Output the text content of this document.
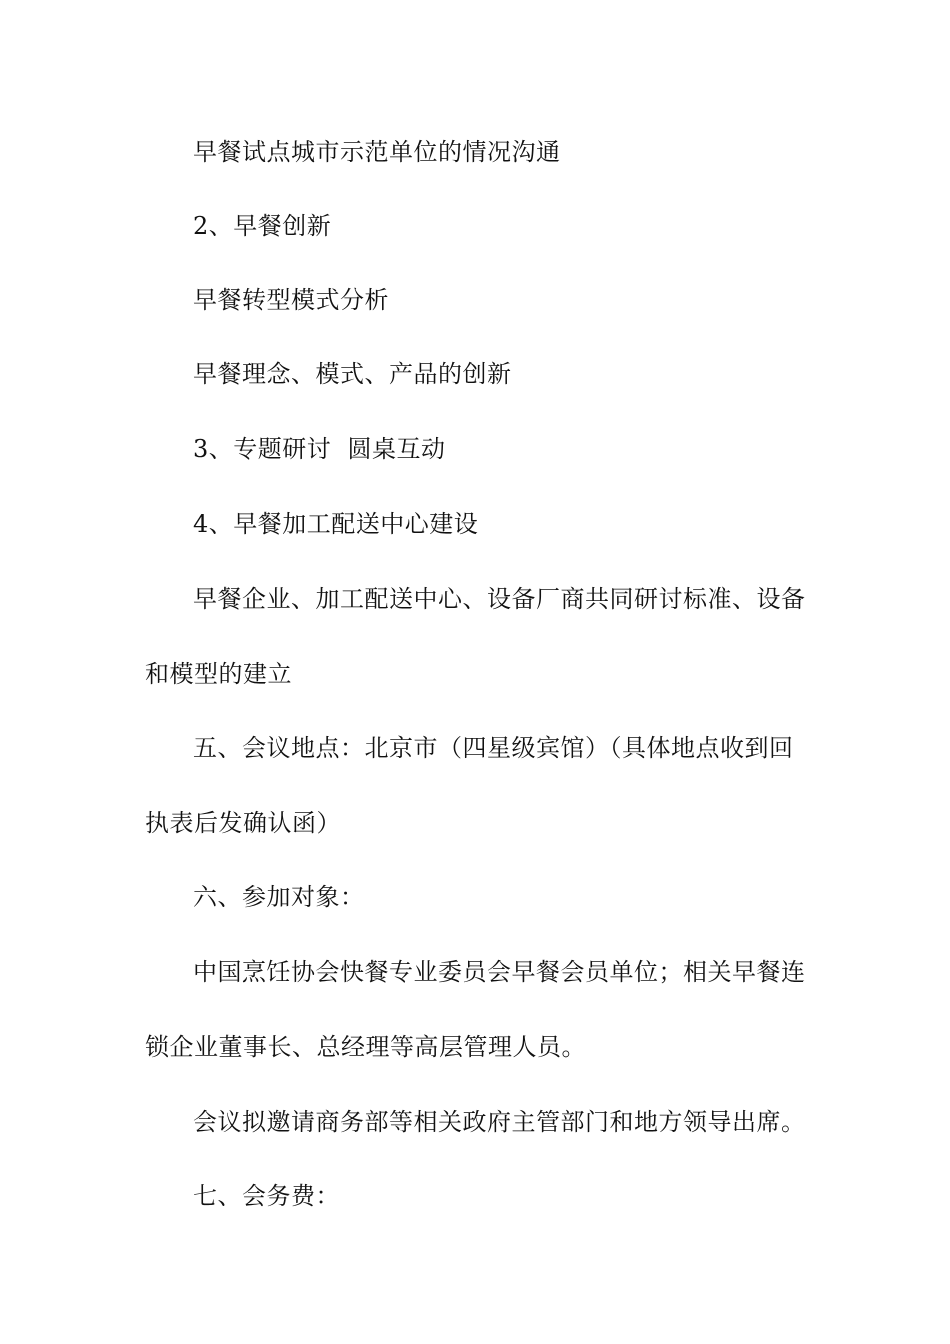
早餐试点城市示范单位的情况沟通
2、早餐创新
早餐转型模式分析
早餐理念、模式、产品的创新
3、专题研讨  圆桌互动
4、早餐加工配送中心建设
早餐企业、加工配送中心、设备厂商共同研讨标准、设备
和模型的建立
五、会议地点：北京市（四星级宾馆）（具体地点收到回
执表后发确认函）
六、参加对象：
中国烹饪协会快餐专业委员会早餐会员单位；相关早餐连
锁企业董事长、总经理等高层管理人员。
会议拟邀请商务部等相关政府主管部门和地方领导出席。
七、会务费：
